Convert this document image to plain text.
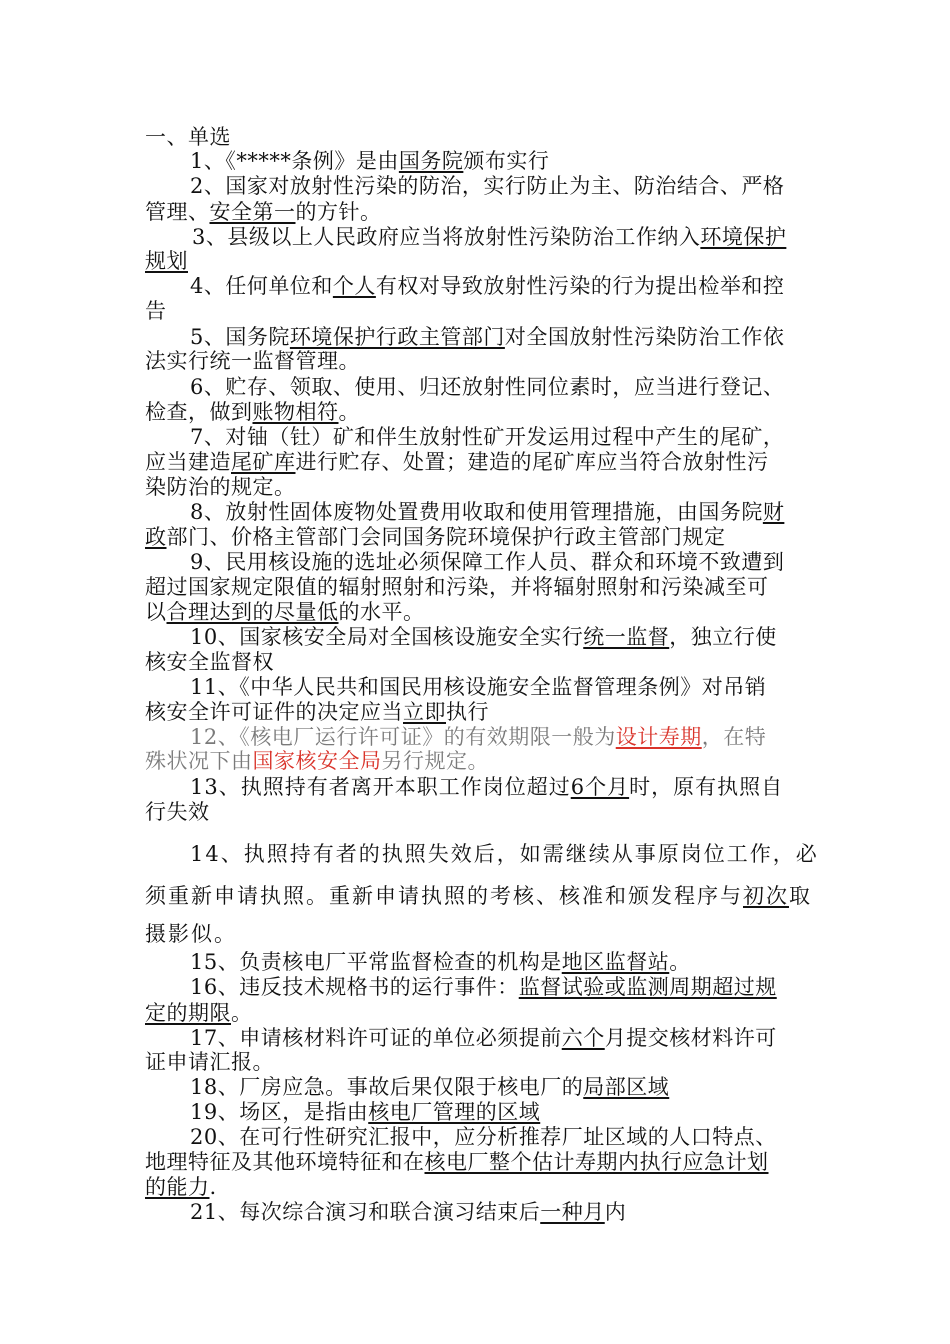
一、单选
1、《*****条例》是由国务院颁布实行
2、国家对放射性污染的防治，实行防止为主、防治结合、严格
管理、安全第一的方针。
3、县级以上人民政府应当将放射性污染防治工作纳入环境保护
规划
4、任何单位和个人有权对导致放射性污染的行为提出检举和控
告
5、国务院环境保护行政主管部门对全国放射性污染防治工作依
法实行统一监督管理。
6、贮存、领取、使用、归还放射性同位素时，应当进行登记、
检查，做到账物相符。
7、对铀（钍）矿和伴生放射性矿开发运用过程中产生的尾矿，
应当建造尾矿库进行贮存、处置；建造的尾矿库应当符合放射性污
染防治的规定。
8、放射性固体废物处置费用收取和使用管理措施，由国务院财
政部门、价格主管部门会同国务院环境保护行政主管部门规定
9、民用核设施的选址必须保障工作人员、群众和环境不致遭到
超过国家规定限值的辐射照射和污染，并将辐射照射和污染减至可
以合理达到的尽量低的水平。
10、国家核安全局对全国核设施安全实行统一监督，独立行使
核安全监督权
11、《中华人民共和国民用核设施安全监督管理条例》对吊销
核安全许可证件的决定应当立即执行
12、《核电厂运行许可证》的有效期限一般为设计寿期，在特
殊状况下由国家核安全局另行规定。
13、执照持有者离开本职工作岗位超过6个月时，原有执照自
行失效
14、执照持有者的执照失效后，如需继续从事原岗位工作，必
须重新申请执照。重新申请执照的考核、核准和颁发程序与初次取
摄影似。
15、负责核电厂平常监督检查的机构是地区监督站。
16、违反技术规格书的运行事件：监督试验或监测周期超过规
定的期限。
17、申请核材料许可证的单位必须提前六个月提交核材料许可
证申请汇报。
18、厂房应急。事故后果仅限于核电厂的局部区域
19、场区，是指由核电厂管理的区域
20、在可行性研究汇报中，应分析推荐厂址区域的人口特点、
地理特征及其他环境特征和在核电厂整个估计寿期内执行应急计划
的能力.
21、每次综合演习和联合演习结束后一种月内
